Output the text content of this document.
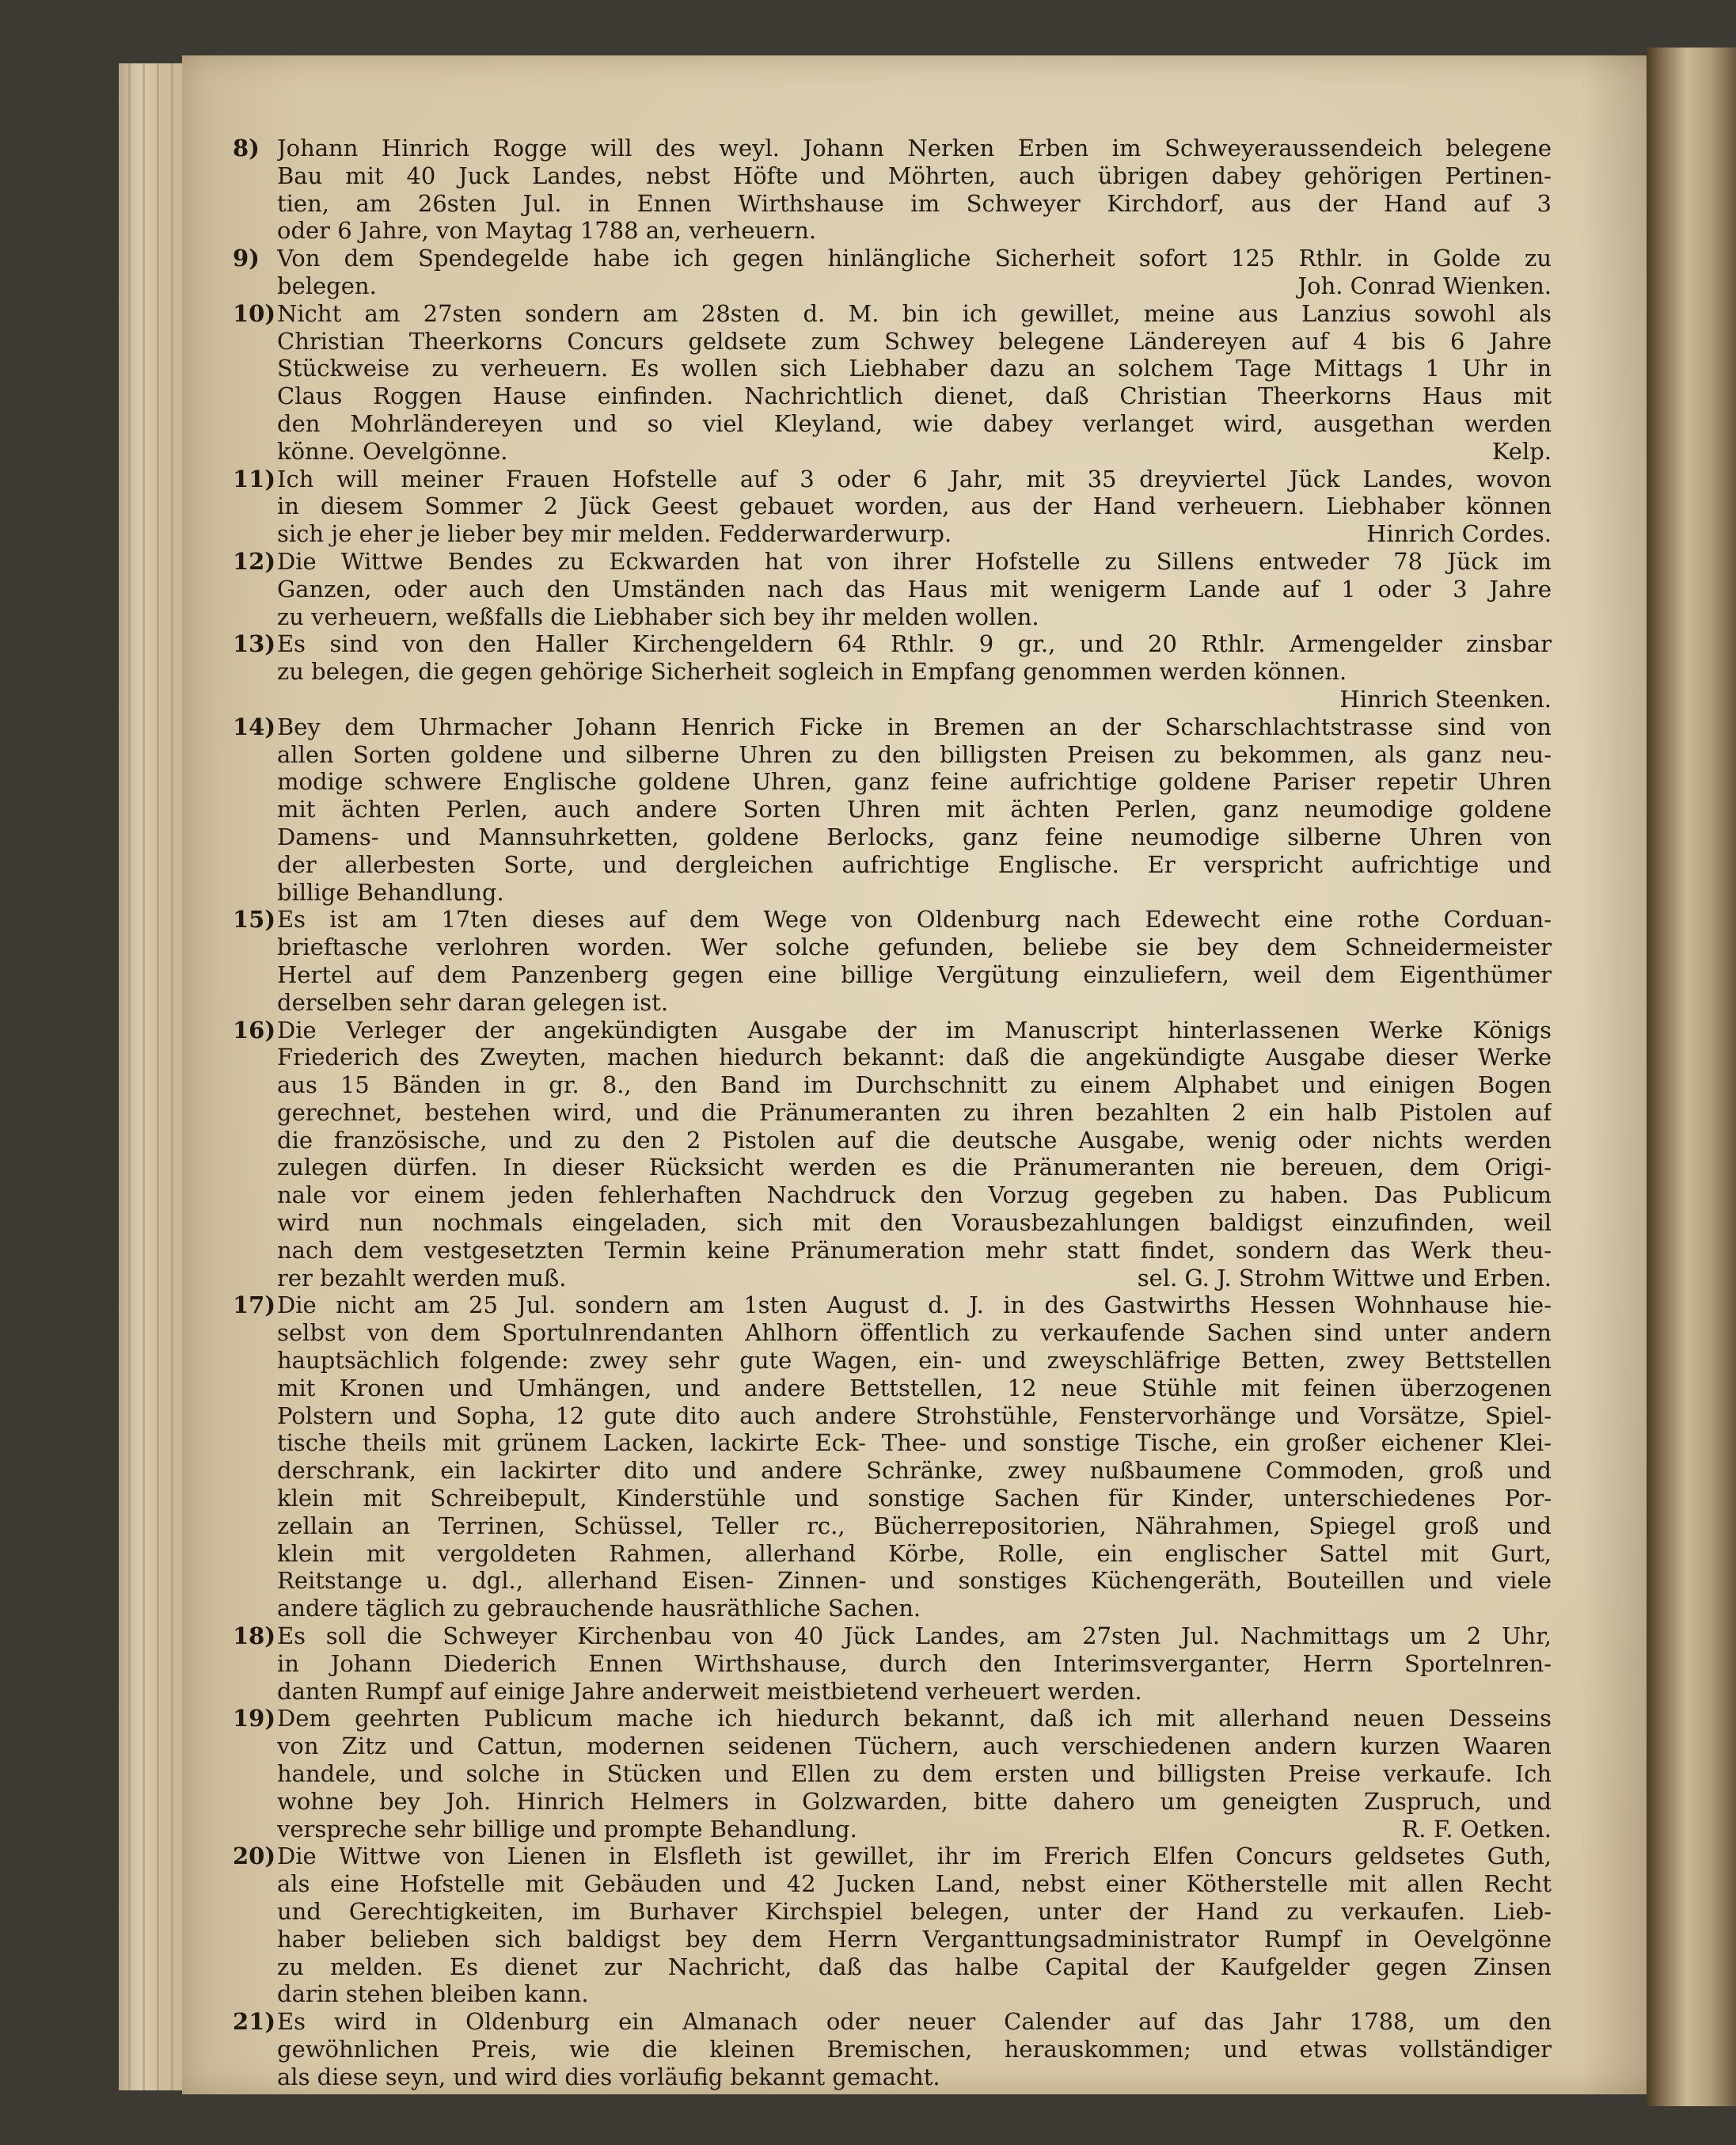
8) Johann Hinrich Rogge will des weyl. Johann Nerken Erben im Schweyeraussendeich belegene
Bau mit 40 Juck Landes, nebst Höfte und Möhrten, auch übrigen dabey gehörigen Pertinen-
tien, am 26sten Jul. in Ennen Wirthshause im Schweyer Kirchdorf, aus der Hand auf 3
oder 6 Jahre, von Maytag 1788 an, verheuern.
9) Von dem Spendegelde habe ich gegen hinlängliche Sicherheit sofort 125 Rthlr. in Golde zu
belegen.	Joh. Conrad Wienken.
10) Nicht am 27sten sondern am 28sten d. M. bin ich gewillet, meine aus Lanzius sowohl als
Christian Theerkorns Concurs geldsete zum Schwey belegene Ländereyen auf 4 bis 6 Jahre
Stückweise zu verheuern. Es wollen sich Liebhaber dazu an solchem Tage Mittags 1 Uhr in
Claus Roggen Hause einfinden. Nachrichtlich dienet, daß Christian Theerkorns Haus mit
den Mohrländereyen und so viel Kleyland, wie dabey verlanget wird, ausgethan werden
könne. Oevelgönne.	Kelp.
11) Ich will meiner Frauen Hofstelle auf 3 oder 6 Jahr, mit 35 dreyviertel Jück Landes, wovon
in diesem Sommer 2 Jück Geest gebauet worden, aus der Hand verheuern. Liebhaber können
sich je eher je lieber bey mir melden. Fedderwarderwurp.	Hinrich Cordes.
12) Die Wittwe Bendes zu Eckwarden hat von ihrer Hofstelle zu Sillens entweder 78 Jück im
Ganzen, oder auch den Umständen nach das Haus mit wenigerm Lande auf 1 oder 3 Jahre
zu verheuern, weßfalls die Liebhaber sich bey ihr melden wollen.
13) Es sind von den Haller Kirchengeldern 64 Rthlr. 9 gr., und 20 Rthlr. Armengelder zinsbar
zu belegen, die gegen gehörige Sicherheit sogleich in Empfang genommen werden können.
Hinrich Steenken.
14) Bey dem Uhrmacher Johann Henrich Ficke in Bremen an der Scharschlachtstrasse sind von
allen Sorten goldene und silberne Uhren zu den billigsten Preisen zu bekommen, als ganz neu-
modige schwere Englische goldene Uhren, ganz feine aufrichtige goldene Pariser repetir Uhren
mit ächten Perlen, auch andere Sorten Uhren mit ächten Perlen, ganz neumodige goldene
Damens- und Mannsuhrketten, goldene Berlocks, ganz feine neumodige silberne Uhren von
der allerbesten Sorte, und dergleichen aufrichtige Englische. Er verspricht aufrichtige und
billige Behandlung.
15) Es ist am 17ten dieses auf dem Wege von Oldenburg nach Edewecht eine rothe Corduan-
brieftasche verlohren worden. Wer solche gefunden, beliebe sie bey dem Schneidermeister
Hertel auf dem Panzenberg gegen eine billige Vergütung einzuliefern, weil dem Eigenthümer
derselben sehr daran gelegen ist.
16) Die Verleger der angekündigten Ausgabe der im Manuscript hinterlassenen Werke Königs
Friederich des Zweyten, machen hiedurch bekannt: daß die angekündigte Ausgabe dieser Werke
aus 15 Bänden in gr. 8., den Band im Durchschnitt zu einem Alphabet und einigen Bogen
gerechnet, bestehen wird, und die Pränumeranten zu ihren bezahlten 2 ein halb Pistolen auf
die französische, und zu den 2 Pistolen auf die deutsche Ausgabe, wenig oder nichts werden
zulegen dürfen. In dieser Rücksicht werden es die Pränumeranten nie bereuen, dem Origi-
nale vor einem jeden fehlerhaften Nachdruck den Vorzug gegeben zu haben. Das Publicum
wird nun nochmals eingeladen, sich mit den Vorausbezahlungen baldigst einzufinden, weil
nach dem vestgesetzten Termin keine Pränumeration mehr statt findet, sondern das Werk theu-
rer bezahlt werden muß.	sel. G. J. Strohm Wittwe und Erben.
17) Die nicht am 25 Jul. sondern am 1sten August d. J. in des Gastwirths Hessen Wohnhause hie-
selbst von dem Sportulnrendanten Ahlhorn öffentlich zu verkaufende Sachen sind unter andern
hauptsächlich folgende: zwey sehr gute Wagen, ein- und zweyschläfrige Betten, zwey Bettstellen
mit Kronen und Umhängen, und andere Bettstellen, 12 neue Stühle mit feinen überzogenen
Polstern und Sopha, 12 gute dito auch andere Strohstühle, Fenstervorhänge und Vorsätze, Spiel-
tische theils mit grünem Lacken, lackirte Eck- Thee- und sonstige Tische, ein großer eichener Klei-
derschrank, ein lackirter dito und andere Schränke, zwey nußbaumene Commoden, groß und
klein mit Schreibepult, Kinderstühle und sonstige Sachen für Kinder, unterschiedenes Por-
zellain an Terrinen, Schüssel, Teller rc., Bücherrepositorien, Nährahmen, Spiegel groß und
klein mit vergoldeten Rahmen, allerhand Körbe, Rolle, ein englischer Sattel mit Gurt,
Reitstange u. dgl., allerhand Eisen- Zinnen- und sonstiges Küchengeräth, Bouteillen und viele
andere täglich zu gebrauchende hausräthliche Sachen.
18) Es soll die Schweyer Kirchenbau von 40 Jück Landes, am 27sten Jul. Nachmittags um 2 Uhr,
in Johann Diederich Ennen Wirthshause, durch den Interimsverganter, Herrn Sportelnren-
danten Rumpf auf einige Jahre anderweit meistbietend verheuert werden.
19) Dem geehrten Publicum mache ich hiedurch bekannt, daß ich mit allerhand neuen Desseins
von Zitz und Cattun, modernen seidenen Tüchern, auch verschiedenen andern kurzen Waaren
handele, und solche in Stücken und Ellen zu dem ersten und billigsten Preise verkaufe. Ich
wohne bey Joh. Hinrich Helmers in Golzwarden, bitte dahero um geneigten Zuspruch, und
verspreche sehr billige und prompte Behandlung.	R. F. Oetken.
20) Die Wittwe von Lienen in Elsfleth ist gewillet, ihr im Frerich Elfen Concurs geldsetes Guth,
als eine Hofstelle mit Gebäuden und 42 Jucken Land, nebst einer Kötherstelle mit allen Recht
und Gerechtigkeiten, im Burhaver Kirchspiel belegen, unter der Hand zu verkaufen. Lieb-
haber belieben sich baldigst bey dem Herrn Verganttungsadministrator Rumpf in Oevelgönne
zu melden. Es dienet zur Nachricht, daß das halbe Capital der Kaufgelder gegen Zinsen
darin stehen bleiben kann.
21) Es wird in Oldenburg ein Almanach oder neuer Calender auf das Jahr 1788, um den
gewöhnlichen Preis, wie die kleinen Bremischen, herauskommen; und etwas vollständiger
als diese seyn, und wird dies vorläufig bekannt gemacht.
